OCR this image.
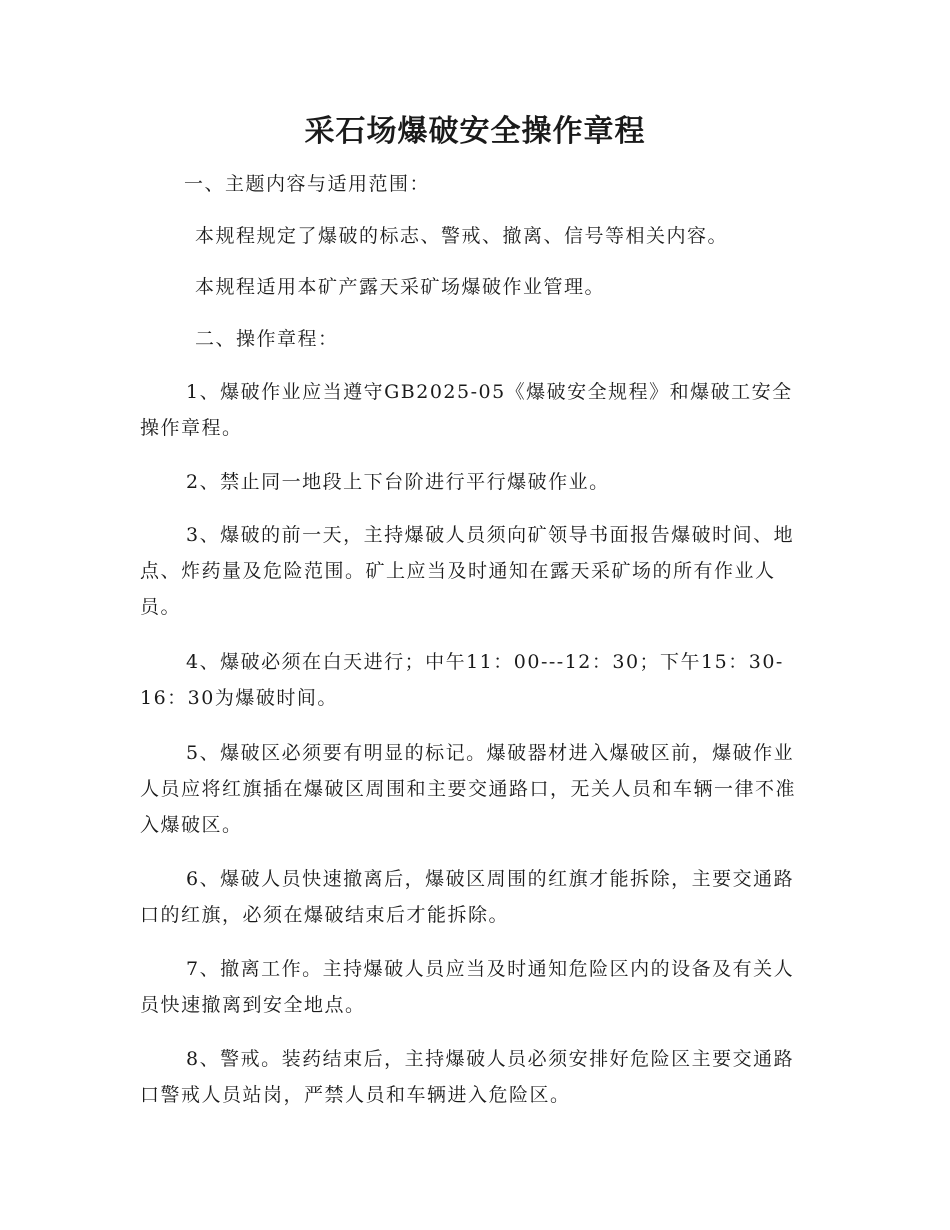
采石场爆破安全操作章程

一、主题内容与适用范围：

本规程规定了爆破的标志、警戒、撤离、信号等相关内容。

本规程适用本矿产露天采矿场爆破作业管理。

二、操作章程：

1、爆破作业应当遵守GB2025-05《爆破安全规程》和爆破工安全操作章程。

2、禁止同一地段上下台阶进行平行爆破作业。

3、爆破的前一天，主持爆破人员须向矿领导书面报告爆破时间、地点、炸药量及危险范围。矿上应当及时通知在露天采矿场的所有作业人员。

4、爆破必须在白天进行；中午11：00---12：30；下午15：30-16：30为爆破时间。

5、爆破区必须要有明显的标记。爆破器材进入爆破区前，爆破作业人员应将红旗插在爆破区周围和主要交通路口，无关人员和车辆一律不准入爆破区。

6、爆破人员快速撤离后，爆破区周围的红旗才能拆除，主要交通路口的红旗，必须在爆破结束后才能拆除。

7、撤离工作。主持爆破人员应当及时通知危险区内的设备及有关人员快速撤离到安全地点。

8、警戒。装药结束后，主持爆破人员必须安排好危险区主要交通路口警戒人员站岗，严禁人员和车辆进入危险区。
